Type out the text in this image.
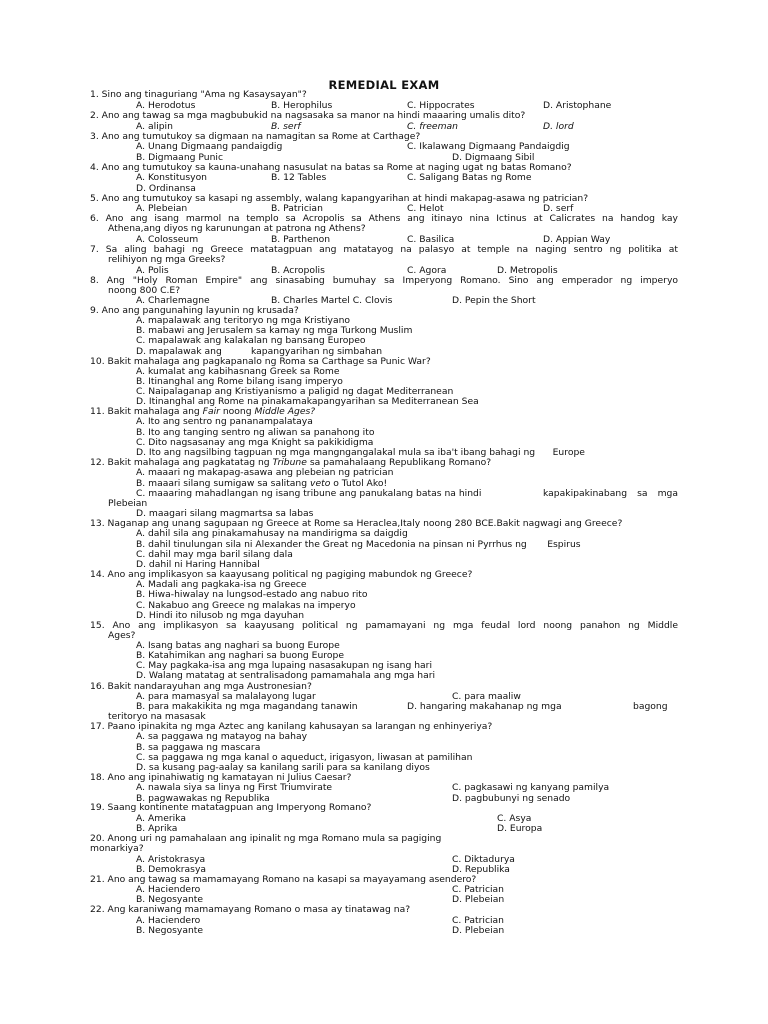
REMEDIAL EXAM
1. Sino ang tinaguriang "Ama ng Kasaysayan"?
A. Herodotus	B. Herophilus	C. Hippocrates	D. Aristophane
2. Ano ang tawag sa mga magbubukid na nagsasaka sa manor na hindi maaaring umalis dito?
A. alipin	B. serf	C. freeman	D. lord
3. Ano ang tumutukoy sa digmaan na namagitan sa Rome at Carthage?
A. Unang Digmaang pandaigdig	C. Ikalawang Digmaang Pandaigdig
B. Digmaang Punic	D. Digmaang Sibil
4. Ano ang tumutukoy sa kauna-unahang nasusulat na batas sa Rome at naging ugat ng batas Romano?
A. Konstitusyon	B. 12 Tables	C. Saligang Batas ng Rome
D. Ordinansa
5. Ano ang tumutukoy sa kasapi ng assembly, walang kapangyarihan at hindi makapag-asawa ng patrician?
A. Plebeian	B. Patrician	C. Helot	D. serf
6. Ano ang isang marmol na templo sa Acropolis sa Athens ang itinayo nina Ictinus at Calicrates na handog kay
Athena,ang diyos ng karunungan at patrona ng Athens?
A. Colosseum	B. Parthenon	C. Basilica	D. Appian Way
7. Sa aling bahagi ng Greece matatagpuan ang matatayog na palasyo at temple na naging sentro ng politika at
relihiyon ng mga Greeks?
A. Polis	B. Acropolis	C. Agora	D. Metropolis
8. Ang "Holy Roman Empire" ang sinasabing bumuhay sa Imperyong Romano. Sino ang emperador ng imperyo
noong 800 C.E?
A. Charlemagne	B. Charles Martel C. Clovis	D. Pepin the Short
9. Ano ang pangunahing layunin ng krusada?
A. mapalawak ang teritoryo ng mga Kristiyano
B. mabawi ang Jerusalem sa kamay ng mga Turkong Muslim
C. mapalawak ang kalakalan ng bansang Europeo
D. mapalawak ang          kapangyarihan ng simbahan
10. Bakit mahalaga ang pagkapanalo ng Roma sa Carthage sa Punic War?
A. kumalat ang kabihasnang Greek sa Rome
B. Itinanghal ang Rome bilang isang imperyo
C. Naipalaganap ang Kristiyanismo a paligid ng dagat Mediterranean
D. Itinanghal ang Rome na pinakamakapangyarihan sa Mediterranean Sea
11. Bakit mahalaga ang Fair noong Middle Ages?
A. Ito ang sentro ng pananampalataya
B. Ito ang tanging sentro ng aliwan sa panahong ito
C. Dito nagsasanay ang mga Knight sa pakikidigma
D. Ito ang nagsilbing tagpuan ng mga mangngangalakal mula sa iba't ibang bahagi ng      Europe
12. Bakit mahalaga ang pagkatatag ng Tribune sa pamahalaang Republikang Romano?
A. maaari ng makapag-asawa ang plebeian ng patrician
B. maaari silang sumigaw sa salitang veto o Tutol Ako!
C. maaaring mahadlangan ng isang tribune ang panukalang batas na hindi	kapakipakinabang sa mga
Plebeian
D. maagari silang magmartsa sa labas
13. Naganap ang unang sagupaan ng Greece at Rome sa Heraclea,Italy noong 280 BCE.Bakit nagwagi ang Greece?
A. dahil sila ang pinakamahusay na mandirigma sa daigdig
B. dahil tinulungan sila ni Alexander the Great ng Macedonia na pinsan ni Pyrrhus ng       Espirus
C. dahil may mga baril silang dala
D. dahil ni Haring Hannibal
14. Ano ang implikasyon sa kaayusang political ng pagiging mabundok ng Greece?
A. Madali ang pagkaka-isa ng Greece
B. Hiwa-hiwalay na lungsod-estado ang nabuo rito
C. Nakabuo ang Greece ng malakas na imperyo
D. Hindi ito nilusob ng mga dayuhan
15. Ano ang implikasyon sa kaayusang political ng pamamayani ng mga feudal lord noong panahon ng Middle
Ages?
A. Isang batas ang naghari sa buong Europe
B. Katahimikan ang naghari sa buong Europe
C. May pagkaka-isa ang mga lupaing nasasakupan ng isang hari
D. Walang matatag at sentralisadong pamamahala ang mga hari
16. Bakit nandarayuhan ang mga Austronesian?
A. para mamasyal sa malalayong lugar	C. para maaliw
B. para makakikita ng mga magandang tanawin	D. hangaring makahanap ng mga	bagong
teritoryo na masasak
17. Paano ipinakita ng mga Aztec ang kanilang kahusayan sa larangan ng enhinyeriya?
A. sa paggawa ng matayog na bahay
B. sa paggawa ng mascara
C. sa paggawa ng mga kanal o aqueduct, irigasyon, liwasan at pamilihan
D. sa kusang pag-aalay sa kanilang sarili para sa kanilang diyos
18. Ano ang ipinahiwatig ng kamatayan ni Julius Caesar?
A. nawala siya sa linya ng First Triumvirate	C. pagkasawi ng kanyang pamilya
B. pagwawakas ng Republika	D. pagbubunyi ng senado
19. Saang kontinente matatagpuan ang Imperyong Romano?
A. Amerika	C. Asya
B. Aprika	D. Europa
20. Anong uri ng pamahalaan ang ipinalit ng mga Romano mula sa pagiging
monarkiya?
A. Aristokrasya	C. Diktadurya
B. Demokrasya	D. Republika
21. Ano ang tawag sa mamamayang Romano na kasapi sa mayayamang asendero?
A. Haciendero	C. Patrician
B. Negosyante	D. Plebeian
22. Ang karaniwang mamamayang Romano o masa ay tinatawag na?
A. Haciendero	C. Patrician
B. Negosyante	D. Plebeian
